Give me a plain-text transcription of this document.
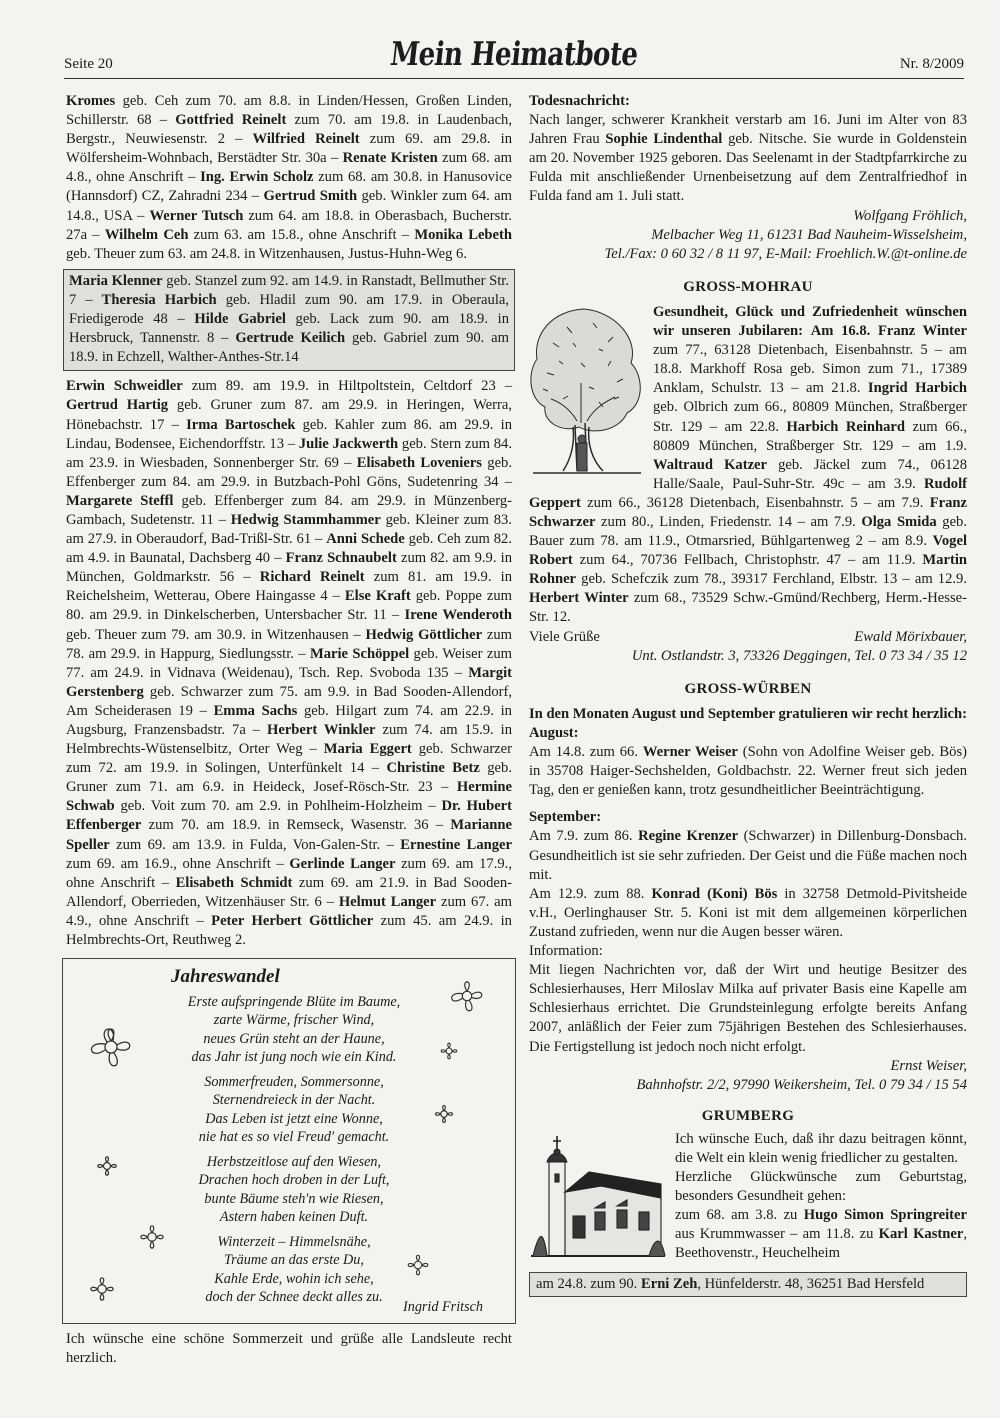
Seite 20	Mein Heimatbote	Nr. 8/2009

Kromes geb. Ceh zum 70. am 8.8. in Linden/Hessen, Großen Linden, Schillerstr. 68 – Gottfried Reinelt zum 70. am 19.8. in Laudenbach, Bergstr., Neuwiesenstr. 2 – Wilfried Reinelt zum 69. am 29.8. in Wölfersheim-Wohnbach, Berstädter Str. 30a – Renate Kristen zum 68. am 4.8., ohne Anschrift – Ing. Erwin Scholz zum 68. am 30.8. in Hanusovice (Hannsdorf) CZ, Zahradni 234 – Gertrud Smith geb. Winkler zum 64. am 14.8., USA – Werner Tutsch zum 64. am 18.8. in Oberasbach, Bucherstr. 27a – Wilhelm Ceh zum 63. am 15.8., ohne Anschrift – Monika Lebeth geb. Theuer zum 63. am 24.8. in Witzenhausen, Justus-Huhn-Weg 6.

Maria Klenner geb. Stanzel zum 92. am 14.9. in Ranstadt, Bellmuther Str. 7 – Theresia Harbich geb. Hladil zum 90. am 17.9. in Oberaula, Friedigerode 48 – Hilde Gabriel geb. Lack zum 90. am 18.9. in Hersbruck, Tannenstr. 8 – Gertrude Keilich geb. Gabriel zum 90. am 18.9. in Echzell, Walther-Anthes-Str.14

Erwin Schweidler zum 89. am 19.9. in Hiltpoltstein, Celtdorf 23 – Gertrud Hartig geb. Gruner zum 87. am 29.9. in Heringen, Werra, Hönebachstr. 17 – Irma Bartoschek geb. Kahler zum 86. am 29.9. in Lindau, Bodensee, Eichendorffstr. 13 – Julie Jackwerth geb. Stern zum 84. am 23.9. in Wiesbaden, Sonnenberger Str. 69 – Elisabeth Loveniers geb. Effenberger zum 84. am 29.9. in Butzbach-Pohl Göns, Sudetenring 34 – Margarete Steffl geb. Effenberger zum 84. am 29.9. in Münzenberg-Gambach, Sudetenstr. 11 – Hedwig Stammhammer geb. Kleiner zum 83. am 27.9. in Oberaudorf, Bad-Trißl-Str. 61 – Anni Schede geb. Ceh zum 82. am 4.9. in Baunatal, Dachsberg 40 – Franz Schnaubelt zum 82. am 9.9. in München, Goldmarkstr. 56 – Richard Reinelt zum 81. am 19.9. in Reichelsheim, Wetterau, Obere Haingasse 4 – Else Kraft geb. Poppe zum 80. am 29.9. in Dinkelscherben, Untersbacher Str. 11 – Irene Wenderoth geb. Theuer zum 79. am 30.9. in Witzenhausen – Hedwig Göttlicher zum 78. am 29.9. in Happurg, Siedlungsstr. – Marie Schöppel geb. Weiser zum 77. am 24.9. in Vidnava (Weidenau), Tsch. Rep. Svoboda 135 – Margit Gerstenberg geb. Schwarzer zum 75. am 9.9. in Bad Sooden-Allendorf, Am Scheiderasen 19 – Emma Sachs geb. Hilgart zum 74. am 22.9. in Augsburg, Franzensbadstr. 7a – Herbert Winkler zum 74. am 15.9. in Helmbrechts-Wüstenselbitz, Orter Weg – Maria Eggert geb. Schwarzer zum 72. am 19.9. in Solingen, Unterfünkelt 14 – Christine Betz geb. Gruner zum 71. am 6.9. in Heideck, Josef-Rösch-Str. 23 – Hermine Schwab geb. Voit zum 70. am 2.9. in Pohlheim-Holzheim – Dr. Hubert Effenberger zum 70. am 18.9. in Remseck, Wasenstr. 36 – Marianne Speller zum 69. am 13.9. in Fulda, Von-Galen-Str. – Ernestine Langer zum 69. am 16.9., ohne Anschrift – Gerlinde Langer zum 69. am 17.9., ohne Anschrift – Elisabeth Schmidt zum 69. am 21.9. in Bad Sooden-Allendorf, Oberrieden, Witzenhäuser Str. 6 – Helmut Langer zum 67. am 4.9., ohne Anschrift – Peter Herbert Göttlicher zum 45. am 24.9. in Helmbrechts-Ort, Reuthweg 2.

Jahreswandel
Erste aufspringende Blüte im Baume,
zarte Wärme, frischer Wind,
neues Grün steht an der Haune,
das Jahr ist jung noch wie ein Kind.
Sommerfreuden, Sommersonne,
Sternendreieck in der Nacht.
Das Leben ist jetzt eine Wonne,
nie hat es so viel Freud' gemacht.
Herbstzeitlose auf den Wiesen,
Drachen hoch droben in der Luft,
bunte Bäume steh'n wie Riesen,
Astern haben keinen Duft.
Winterzeit – Himmelsnähe,
Träume an das erste Du,
Kahle Erde, wohin ich sehe,
doch der Schnee deckt alles zu.
Ingrid Fritsch

Ich wünsche eine schöne Sommerzeit und grüße alle Landsleute recht herzlich.

Todesnachricht:

Nach langer, schwerer Krankheit verstarb am 16. Juni im Alter von 83 Jahren Frau Sophie Lindenthal geb. Nitsche. Sie wurde in Goldenstein am 20. November 1925 geboren. Das Seelenamt in der Stadtpfarrkirche zu Fulda mit anschließender Urnenbeisetzung auf dem Zentralfriedhof in Fulda fand am 1. Juli statt.

Wolfgang Fröhlich,
Melbacher Weg 11, 61231 Bad Nauheim-Wisselsheim,
Tel./Fax: 0 60 32 / 8 11 97, E-Mail: Froehlich.W.@t-online.de

GROSS-MOHRAU

Gesundheit, Glück und Zufriedenheit wünschen wir unseren Jubilaren: Am 16.8. Franz Winter zum 77., 63128 Dietenbach, Eisenbahnstr. 5 – am 18.8. Markhoff Rosa geb. Simon zum 71., 17389 Anklam, Schulstr. 13 – am 21.8. Ingrid Harbich geb. Olbrich zum 66., 80809 München, Straßberger Str. 129 – am 22.8. Harbich Reinhard zum 66., 80809 München, Straßberger Str. 129 – am 1.9. Waltraud Katzer geb. Jäckel zum 74., 06128 Halle/Saale, Paul-Suhr-Str. 49c – am 3.9. Rudolf Geppert zum 66., 36128 Dietenbach, Eisenbahnstr. 5 – am 7.9. Franz Schwarzer zum 80., Linden, Friedenstr. 14 – am 7.9. Olga Smida geb. Bauer zum 78. am 11.9., Otmarsried, Bühlgartenweg 2 – am 8.9. Vogel Robert zum 64., 70736 Fellbach, Christophstr. 47 – am 11.9. Martin Rohner geb. Schefczik zum 78., 39317 Ferchland, Elbstr. 13 – am 12.9. Herbert Winter zum 68., 73529 Schw.-Gmünd/Rechberg, Herm.-Hesse-Str. 12.

Viele Grüße	Ewald Mörixbauer,
Unt. Ostlandstr. 3, 73326 Deggingen, Tel. 0 73 34 / 35 12

GROSS-WÜRBEN

In den Monaten August und September gratulieren wir recht herzlich:

August:

Am 14.8. zum 66. Werner Weiser (Sohn von Adolfine Weiser geb. Bös) in 35708 Haiger-Sechshelden, Goldbachstr. 22. Werner freut sich jeden Tag, den er genießen kann, trotz gesundheitlicher Beeinträchtigung.

September:

Am 7.9. zum 86. Regine Krenzer (Schwarzer) in Dillenburg-Donsbach. Gesundheitlich ist sie sehr zufrieden. Der Geist und die Füße machen noch mit.

Am 12.9. zum 88. Konrad (Koni) Bös in 32758 Detmold-Pivitsheide v.H., Oerlinghauser Str. 5. Koni ist mit dem allgemeinen körperlichen Zustand zufrieden, wenn nur die Augen besser wären.

Information:

Mit liegen Nachrichten vor, daß der Wirt und heutige Besitzer des Schlesierhauses, Herr Miloslav Milka auf privater Basis eine Kapelle am Schlesierhaus errichtet. Die Grundsteinlegung erfolgte bereits Anfang 2007, anläßlich der Feier zum 75jährigen Bestehen des Schlesierhauses. Die Fertigstellung ist jedoch noch nicht erfolgt.

Ernst Weiser,
Bahnhofstr. 2/2, 97990 Weikersheim, Tel. 0 79 34 / 15 54

GRUMBERG

Ich wünsche Euch, daß ihr dazu beitragen könnt, die Welt ein klein wenig friedlicher zu gestalten.

Herzliche Glückwünsche zum Geburtstag, besonders Gesundheit gehen:

zum 68. am 3.8. zu Hugo Simon Springreiter aus Krummwasser – am 11.8. zu Karl Kastner, Beethovenstr., Heuchelheim

am 24.8. zum 90. Erni Zeh, Hünfelderstr. 48, 36251 Bad Hersfeld
